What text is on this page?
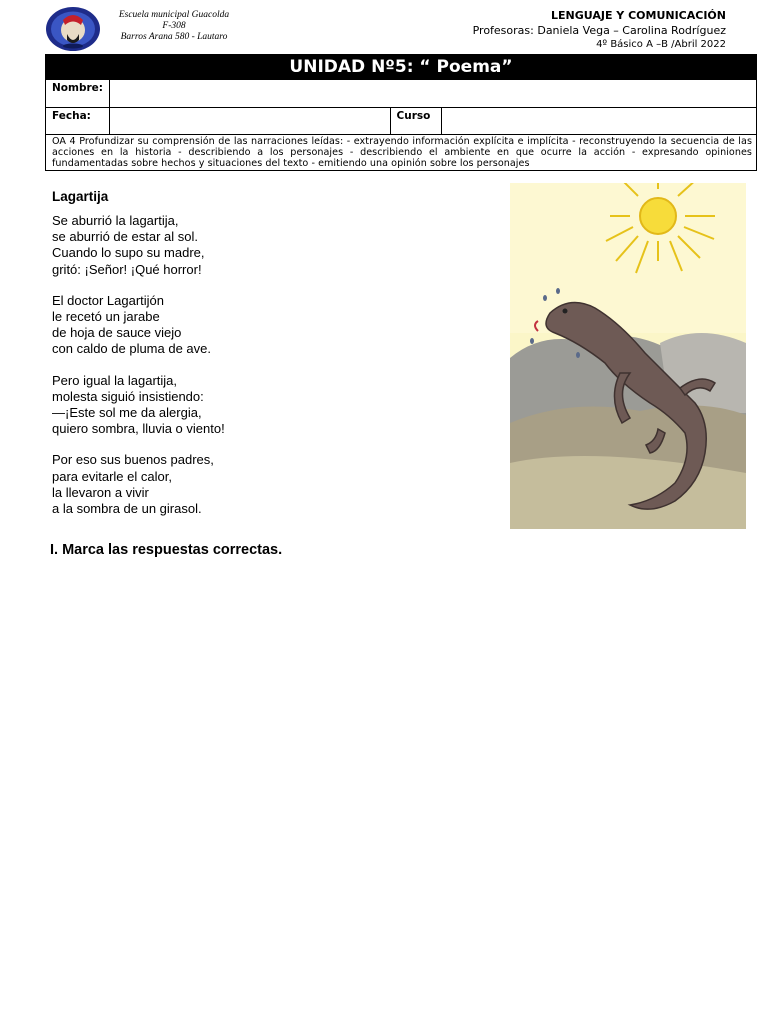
Escuela municipal Guacolda
F-308
Barros Arana 580 - Lautaro
LENGUAJE Y COMUNICACIÓN
Profesoras: Daniela Vega – Carolina Rodríguez
4º Básico A –B /Abril 2022
UNIDAD Nº5: “ Poema”			
Nombre:			
Fecha:		Curso	
OA 4 Profundizar su comprensión de las narraciones leídas: - extrayendo información explícita e implícita - reconstruyendo la secuencia de las acciones en la historia - describiendo a los personajes - describiendo el ambiente en que ocurre la acción - expresando opiniones fundamentadas sobre hechos y situaciones del texto - emitiendo una opinión sobre los personajes			
Lagartija
Se aburrió la lagartija,
se aburrió de estar al sol.
Cuando lo supo su madre,
gritó: ¡Señor! ¡Qué horror!
El doctor Lagartijón
le recetó un jarabe
de hoja de sauce viejo
con caldo de pluma de ave.
Pero igual la lagartija,
molesta siguió insistiendo:
—¡Este sol me da alergia,
quiero sombra, lluvia o viento!
Por eso sus buenos padres,
para evitarle el calor,
la llevaron a vivir
a la sombra de un girasol.
I. Marca las respuestas correctas.
